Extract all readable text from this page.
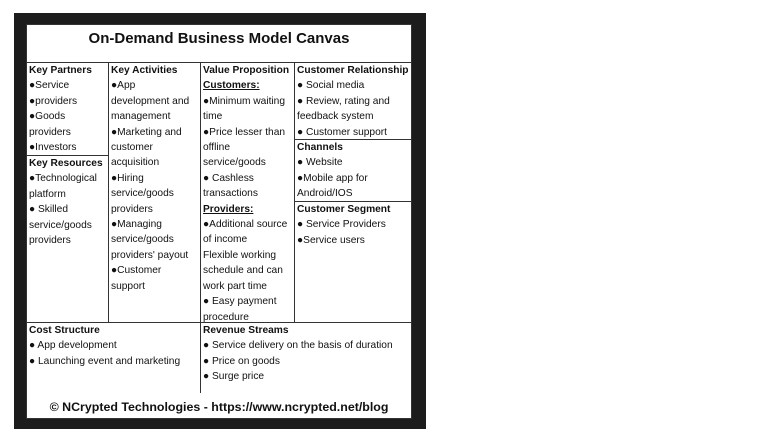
On-Demand Business Model Canvas
Key Partners
●Service
●providers
●Goods
providers
●Investors
Key Resources
●Technological
platform
● Skilled
service/goods
providers
Key Activities
●App
development and
management
●Marketing and
customer
acquisition
●Hiring
service/goods
providers
●Managing
service/goods
providers' payout
●Customer
support
Value Proposition
Customers:
●Minimum waiting
time
●Price lesser than
offline
service/goods
● Cashless
transactions
Providers:
●Additional source
of income
Flexible working
schedule and can
work part time
● Easy payment
procedure
Customer Relationship
● Social media
● Review, rating and
feedback system
● Customer support
Channels
● Website
●Mobile app for
Android/IOS
Customer Segment
● Service Providers
●Service users
Cost Structure
● App development
● Launching event and marketing
Revenue Streams
● Service delivery on the basis of duration
● Price on goods
● Surge price
© NCrypted Technologies - https://www.ncrypted.net/blog
